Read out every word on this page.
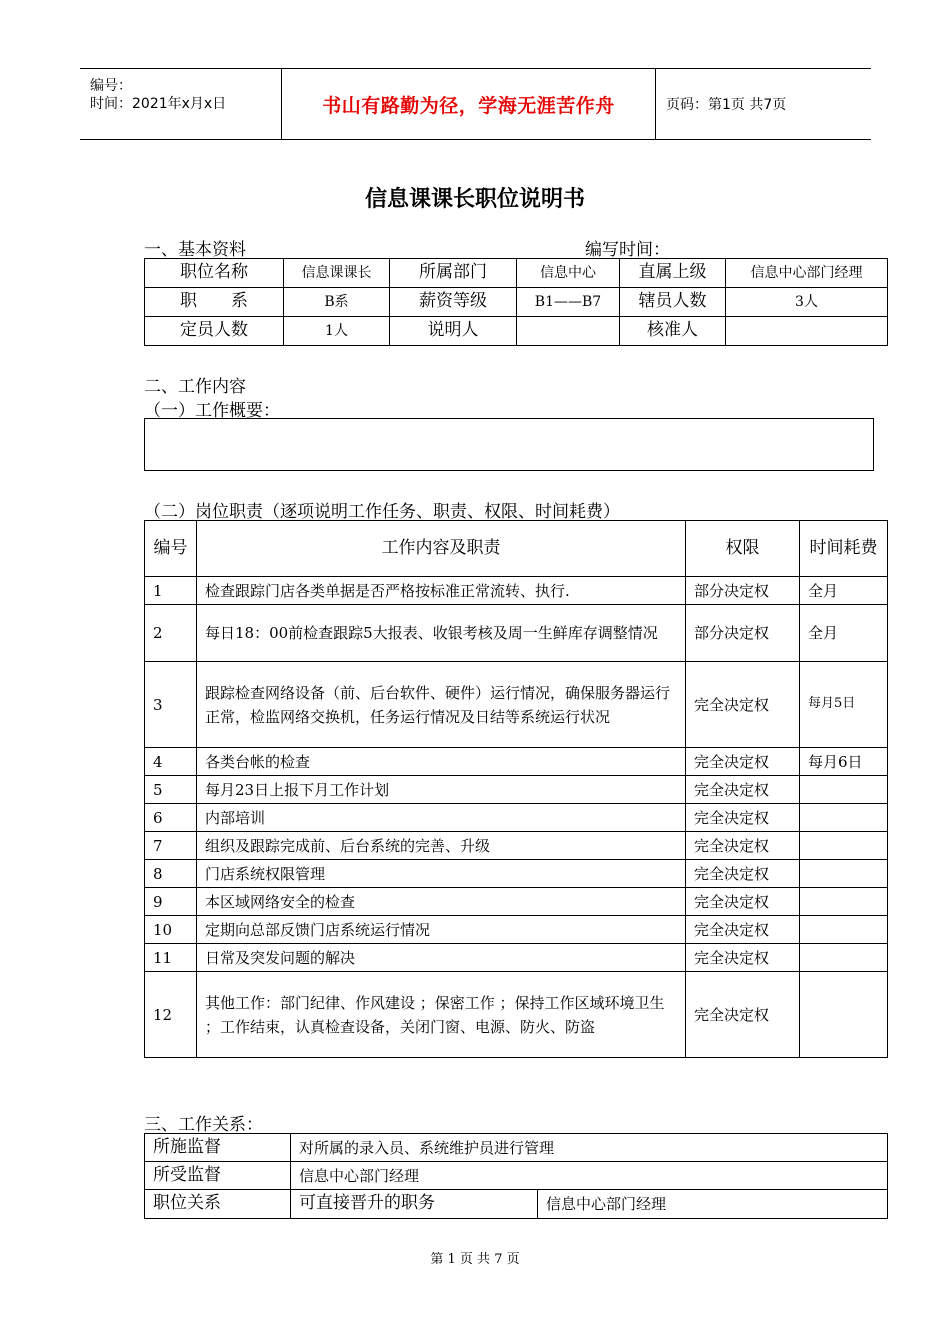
编号：
时间：2021年x月x日	书山有路勤为径，学海无涯苦作舟	页码：第1页 共7页
信息课课长职位说明书
一、基本资料	编写时间：
职位名称	信息课课长	所属部门	信息中心	直属上级	信息中心部门经理
职　　系	B系	薪资等级	B1——B7	辖员人数	3人
定员人数	1人	说明人		核准人	
二、工作内容
（一）工作概要：
（二）岗位职责（逐项说明工作任务、职责、权限、时间耗费）
编号	工作内容及职责	权限	时间耗费
1	检查跟踪门店各类单据是否严格按标准正常流转、执行.	部分决定权	全月
2	每日18：00前检查跟踪5大报表、收银考核及周一生鲜库存调整情况	部分决定权	全月
3	跟踪检查网络设备（前、后台软件、硬件）运行情况，确保服务器运行正常，检监网络交换机，任务运行情况及日结等系统运行状况	完全决定权	每月5日
4	各类台帐的检查	完全决定权	每月6日
5	每月23日上报下月工作计划	完全决定权	
6	内部培训	完全决定权	
7	组织及跟踪完成前、后台系统的完善、升级	完全决定权	
8	门店系统权限管理	完全决定权	
9	本区域网络安全的检查	完全决定权	
10	定期向总部反馈门店系统运行情况	完全决定权	
11	日常及突发问题的解决	完全决定权	
12	其他工作：部门纪律、作风建设 ；保密工作 ；保持工作区域环境卫生 ；工作结束，认真检查设备，关闭门窗、电源、防火、防盗	完全决定权	
三、工作关系：
所施监督	对所属的录入员、系统维护员进行管理	
所受监督	信息中心部门经理	
职位关系	可直接晋升的职务	信息中心部门经理
第 1 页 共 7 页
